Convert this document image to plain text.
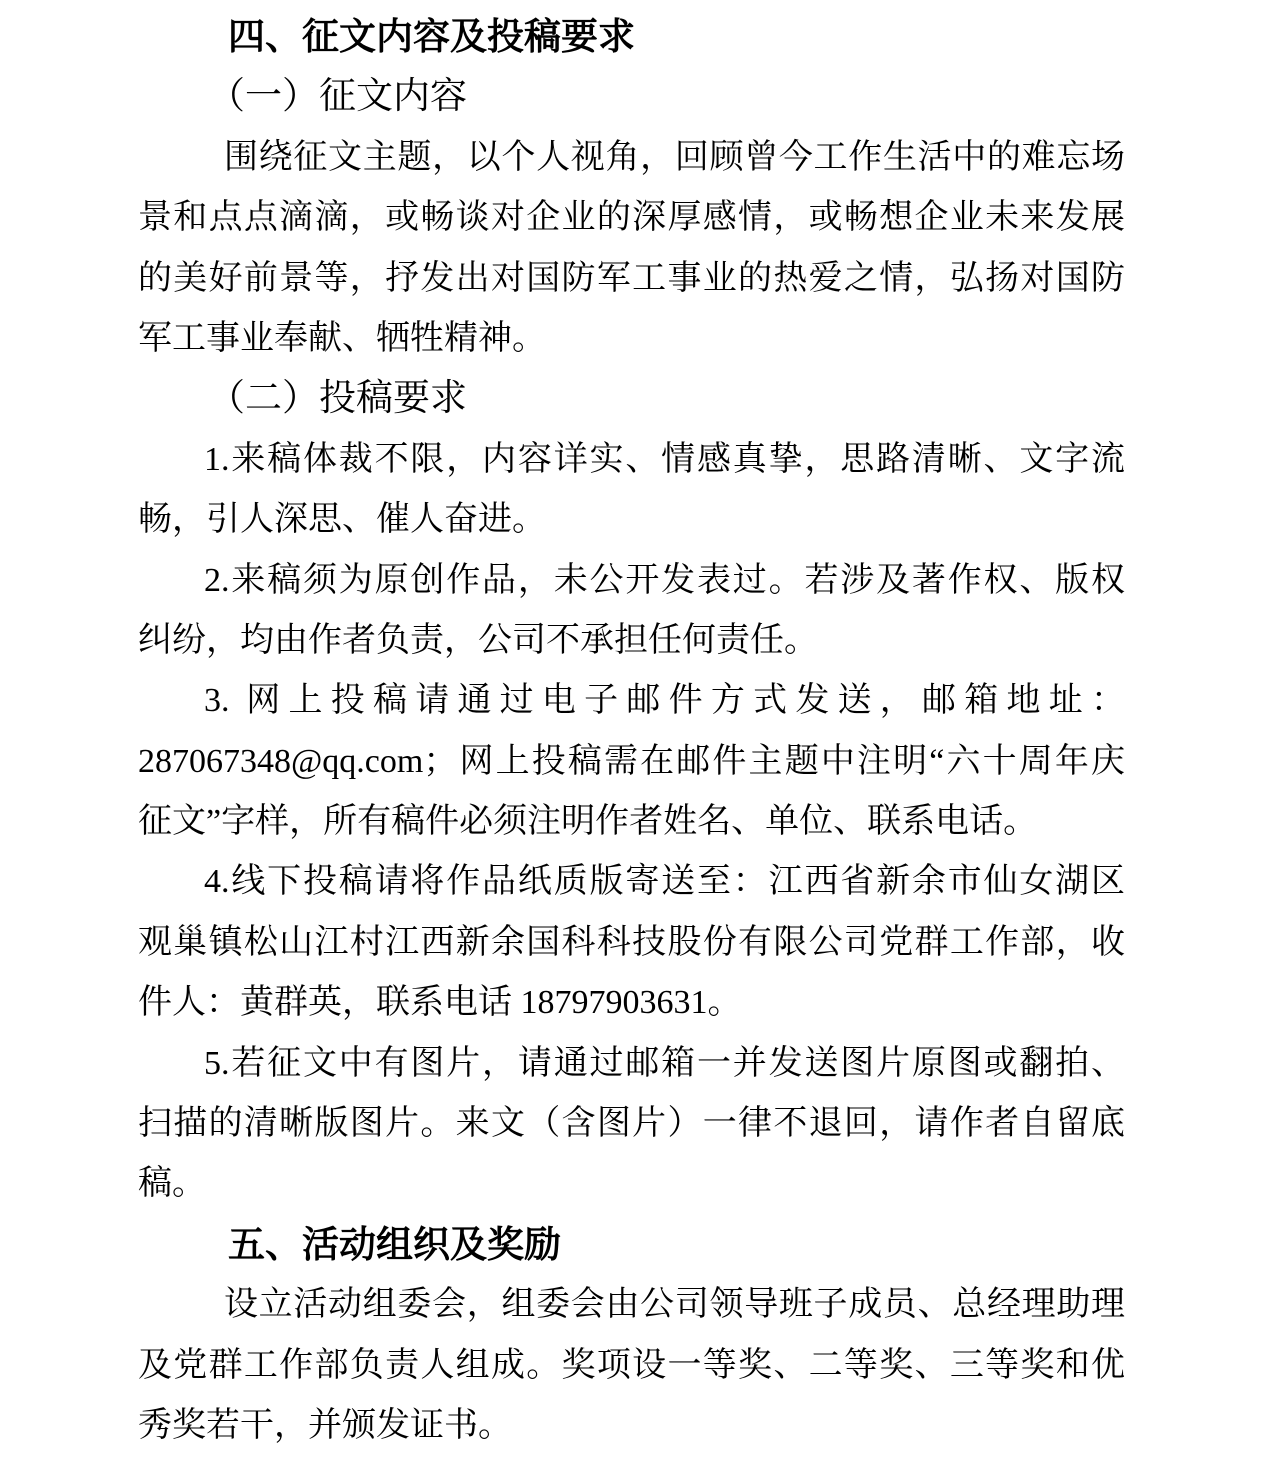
四、征文内容及投稿要求
（一）征文内容
围绕征文主题，以个人视角，回顾曾今工作生活中的难忘场
景和点点滴滴，或畅谈对企业的深厚感情，或畅想企业未来发展
的美好前景等，抒发出对国防军工事业的热爱之情，弘扬对国防
军工事业奉献、牺牲精神。
（二）投稿要求
1.来稿体裁不限，内容详实、情感真挚，思路清晰、文字流
畅，引人深思、催人奋进。
2.来稿须为原创作品，未公开发表过。若涉及著作权、版权
纠纷，均由作者负责，公司不承担任何责任。
3. 网上投稿请通过电子邮件方式发送，邮箱地址：
287067348@qq.com；网上投稿需在邮件主题中注明“六十周年庆
征文”字样，所有稿件必须注明作者姓名、单位、联系电话。
4.线下投稿请将作品纸质版寄送至：江西省新余市仙女湖区
观巢镇松山江村江西新余国科科技股份有限公司党群工作部，收
件人：黄群英，联系电话 18797903631。
5.若征文中有图片，请通过邮箱一并发送图片原图或翻拍、
扫描的清晰版图片。来文（含图片）一律不退回，请作者自留底
稿。
五、活动组织及奖励
设立活动组委会，组委会由公司领导班子成员、总经理助理
及党群工作部负责人组成。奖项设一等奖、二等奖、三等奖和优
秀奖若干，并颁发证书。
